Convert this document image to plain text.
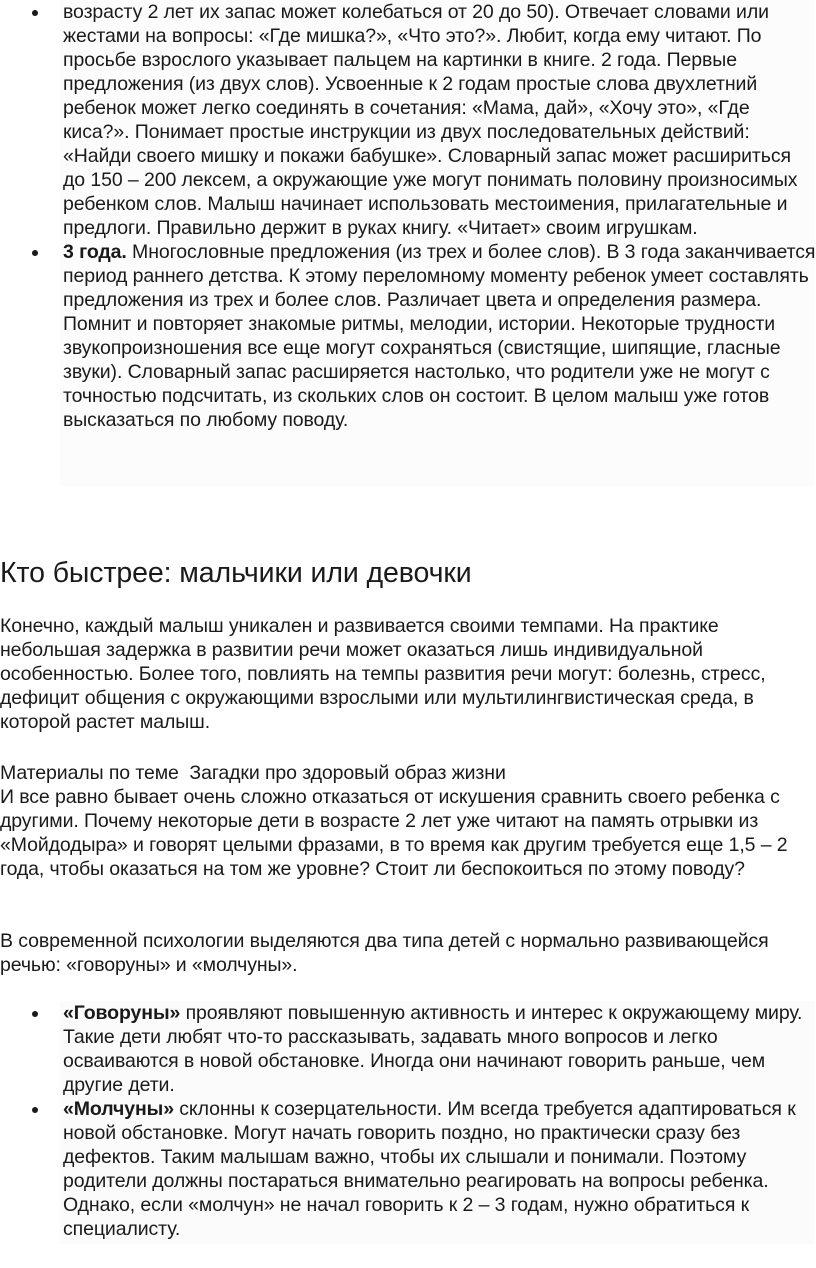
возрасту 2 лет их запас может колебаться от 20 до 50). Отвечает словами или жестами на вопросы: «Где мишка?», «Что это?». Любит, когда ему читают. По просьбе взрослого указывает пальцем на картинки в книге. 2 года. Первые предложения (из двух слов). Усвоенные к 2 годам простые слова двухлетний ребенок может легко соединять в сочетания: «Мама, дай», «Хочу это», «Где киса?». Понимает простые инструкции из двух последовательных действий: «Найди своего мишку и покажи бабушке». Словарный запас может расшириться до 150 – 200 лексем, а окружающие уже могут понимать половину произносимых ребенком слов. Малыш начинает использовать местоимения, прилагательные и предлоги. Правильно держит в руках книгу. «Читает» своим игрушкам.
3 года. Многословные предложения (из трех и более слов). В 3 года заканчивается период раннего детства. К этому переломному моменту ребенок умеет составлять предложения из трех и более слов. Различает цвета и определения размера. Помнит и повторяет знакомые ритмы, мелодии, истории. Некоторые трудности звукопроизношения все еще могут сохраняться (свистящие, шипящие, гласные звуки). Словарный запас расширяется настолько, что родители уже не могут с точностью подсчитать, из скольких слов он состоит. В целом малыш уже готов высказаться по любому поводу.
Кто быстрее: мальчики или девочки

Конечно, каждый малыш уникален и развивается своими темпами. На практике небольшая задержка в развитии речи может оказаться лишь индивидуальной особенностью. Более того, повлиять на темпы развития речи могут: болезнь, стресс, дефицит общения с окружающими взрослыми или мультилингвистическая среда, в которой растет малыш.

Материалы по теме  Загадки про здоровый образ жизни
И все равно бывает очень сложно отказаться от искушения сравнить своего ребенка с другими. Почему некоторые дети в возрасте 2 лет уже читают на память отрывки из «Мойдодыра» и говорят целыми фразами, в то время как другим требуется еще 1,5 – 2 года, чтобы оказаться на том же уровне? Стоит ли беспокоиться по этому поводу?

В современной психологии выделяются два типа детей с нормально развивающейся речью: «говоруны» и «молчуны».

«Говоруны» проявляют повышенную активность и интерес к окружающему миру. Такие дети любят что-то рассказывать, задавать много вопросов и легко осваиваются в новой обстановке. Иногда они начинают говорить раньше, чем другие дети.
«Молчуны» склонны к созерцательности. Им всегда требуется адаптироваться к новой обстановке. Могут начать говорить поздно, но практически сразу без дефектов. Таким малышам важно, чтобы их слышали и понимали. Поэтому родители должны постараться внимательно реагировать на вопросы ребенка. Однако, если «молчун» не начал говорить к 2 – 3 годам, нужно обратиться к специалисту.
